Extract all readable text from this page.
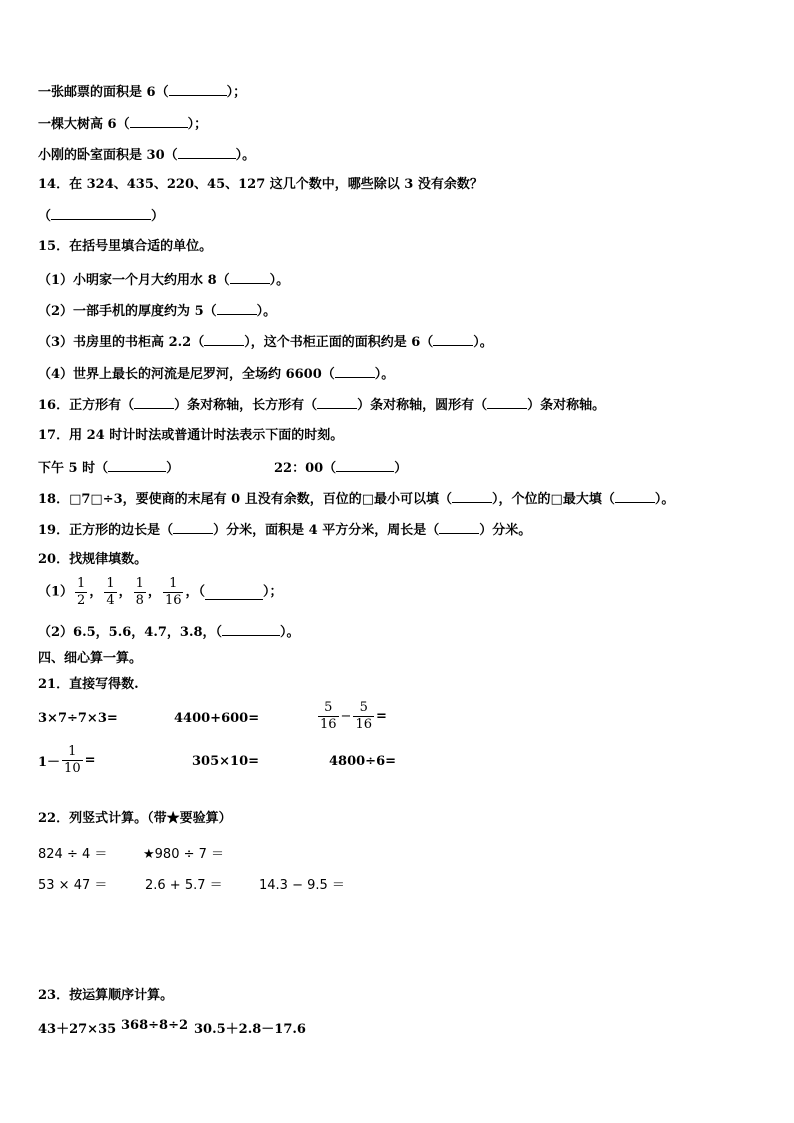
一张邮票的面积是 6（	）；
一棵大树高 6（	）；
小刚的卧室面积是 30（	）。
14．在 324、435、220、45、127 这几个数中，哪些除以 3 没有余数？
（	）
15．在括号里填合适的单位。
（1）小明家一个月大约用水 8（	）。
（2）一部手机的厚度约为 5（	）。
（3）书房里的书柜高 2.2（	），这个书柜正面的面积约是 6（	）。
（4）世界上最长的河流是尼罗河，全场约 6600（	）。
16．正方形有（	）条对称轴，长方形有（	）条对称轴，圆形有（	）条对称轴。
17．用 24 时计时法或普通计时法表示下面的时刻。
下午 5 时（	）	22：00（	）
18．□7□÷3，要使商的末尾有 0 且没有余数，百位的□最小可以填（	），个位的□最大填（	）。
19．正方形的边长是（	）分米，面积是 4 平方分米，周长是（	）分米。
20．找规律填数。
$(1) \frac{1}{2}$ ， $\frac{1}{4}$ ， $\frac{1}{8}$ ， $\frac{1}{16}$ ，（	）；
（2）6.5，5.6，4.7，3.8，（	）。
四、细心算一算。
21．直接写得数.
3×7÷7×3=	4400+600=	$\frac{5}{16} - \frac{5}{16}$ =
$1- \frac{1}{10}$ =	305×10=	4800÷6=
22．列竖式计算。（带★要验算）
824 ÷ 4 ＝	★980 ÷ 7 ＝
53 × 47 ＝	2.6 + 5.7 ＝	14.3 − 9.5 ＝
23．按运算顺序计算。
43＋27×35 368÷8÷2 30.5＋2.8－17.6
